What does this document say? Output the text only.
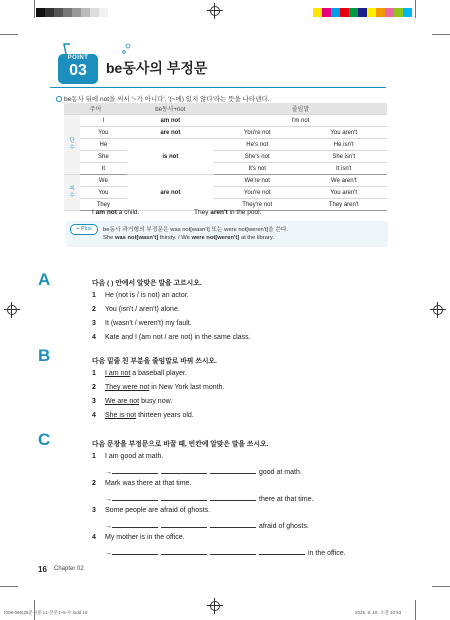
POINT
03	be동사의 부정문
be동사 뒤에 not을 써서 '~가 아니다', '(~에) 있지 않다'라는 뜻을 나타낸다.
주어		be동사+not	줄임말	
단
수	I	am not	I'm not	
	You	are not	You're not	You aren't
	He	is not	He's not	He isn't
	She		She's not	She isn't
	It		It's not	It isn't
복
수	We	are not	We're not	We aren't
	You		You're not	You aren't
	They		They're not	They aren't
I am not a child.	They aren't in the pool.
+ Plus	be동사 과거형의 부정문은 was not[wasn't] 또는 were not[weren't]을 쓴다.
She was not[wasn't] thirsty. / We were not[weren't] at the library.
A	다음 ( ) 안에서 알맞은 말을 고르시오.
1 He (not is / is not) an actor.
2 You (isn't / aren't) alone.
3 It (wasn't / weren't) my fault.
4 Kate and I (am not / are not) in the same class.
B	다음 밑줄 친 부분을 줄임말로 바꿔 쓰시오.
1 I am not a baseball player.
2 They were not in New York last month.
3 We are not busy now.
4 She is not thirteen years old.
C	다음 문장을 부정문으로 바꿀 때, 빈칸에 알맞은 말을 쓰시오.
1 I am good at math.
→	good at math.
2 Mark was there at that time.
→	there at that time.
3 Some people are afraid of ghosts.
→	afraid of ghosts.
4 My mother is in the office.
→	in the office.
16 Chapter 02
(008-066)25문사중 L1-본문1~5-수.indd 16	2025. 8. 18. 오전 10:53
